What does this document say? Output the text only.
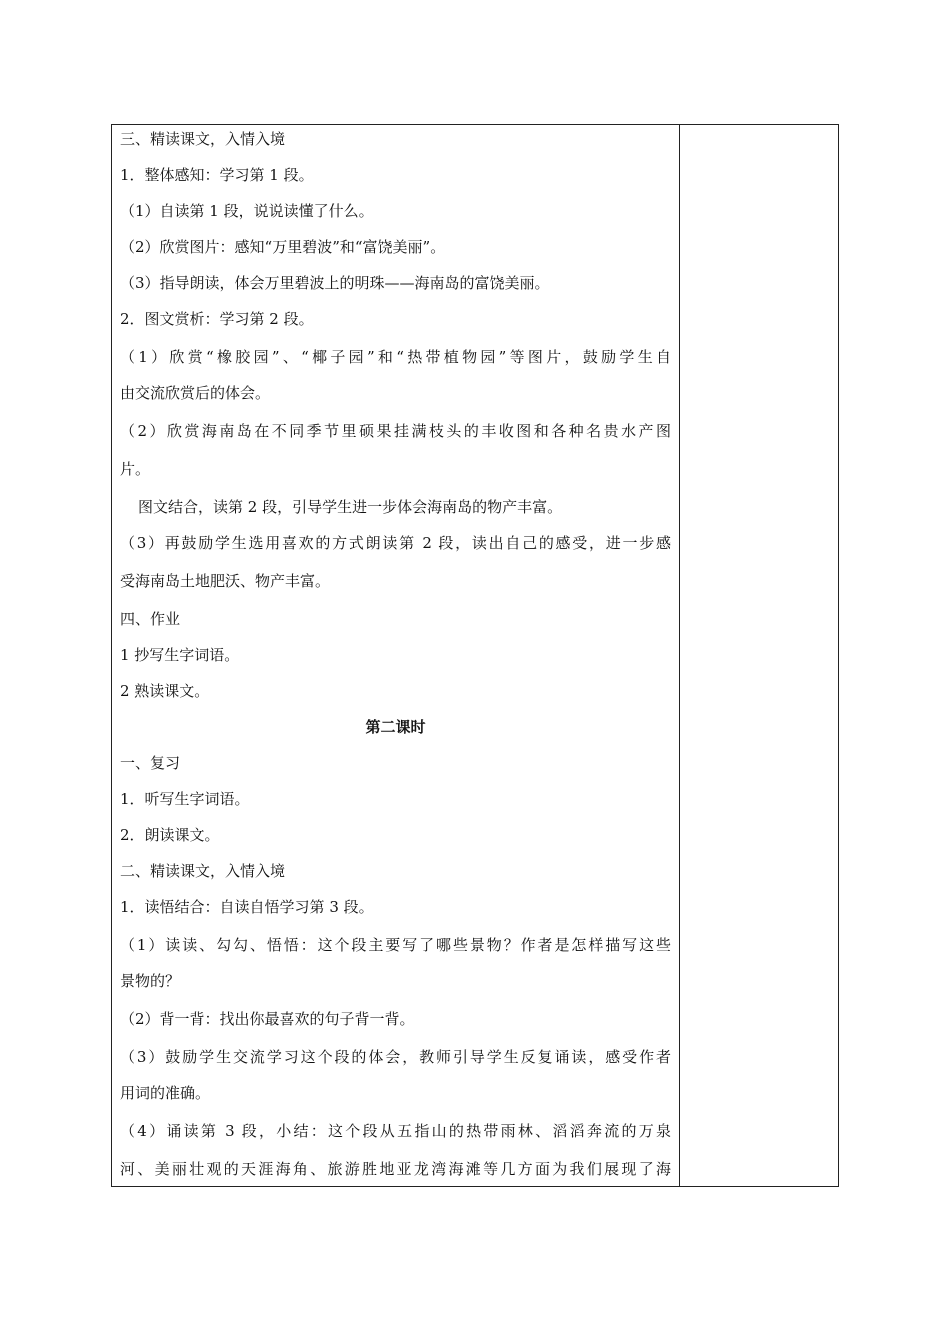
三、精读课文，入情入境
1．整体感知：学习第 1 段。
（1）自读第 1 段，说说读懂了什么。
（2）欣赏图片：感知“万里碧波”和“富饶美丽”。
（3）指导朗读，体会万里碧波上的明珠——海南岛的富饶美丽。
2．图文赏析：学习第 2 段。
（1）欣赏“橡胶园”、“椰子园”和“热带植物园”等图片，鼓励学生自
由交流欣赏后的体会。
（2）欣赏海南岛在不同季节里硕果挂满枝头的丰收图和各种名贵水产图
片。
图文结合，读第 2 段，引导学生进一步体会海南岛的物产丰富。
（3）再鼓励学生选用喜欢的方式朗读第 2 段，读出自己的感受，进一步感
受海南岛土地肥沃、物产丰富。
四、作业
1 抄写生字词语。
2 熟读课文。
第二课时
一、复习
1．听写生字词语。
2．朗读课文。
二、精读课文，入情入境
1．读悟结合：自读自悟学习第 3 段。
（1）读读、勾勾、悟悟：这个段主要写了哪些景物？作者是怎样描写这些
景物的？
（2）背一背：找出你最喜欢的句子背一背。
（3）鼓励学生交流学习这个段的体会，教师引导学生反复诵读，感受作者
用词的准确。
（4）诵读第 3 段，小结：这个段从五指山的热带雨林、滔滔奔流的万泉
河、美丽壮观的天涯海角、旅游胜地亚龙湾海滩等几方面为我们展现了海
